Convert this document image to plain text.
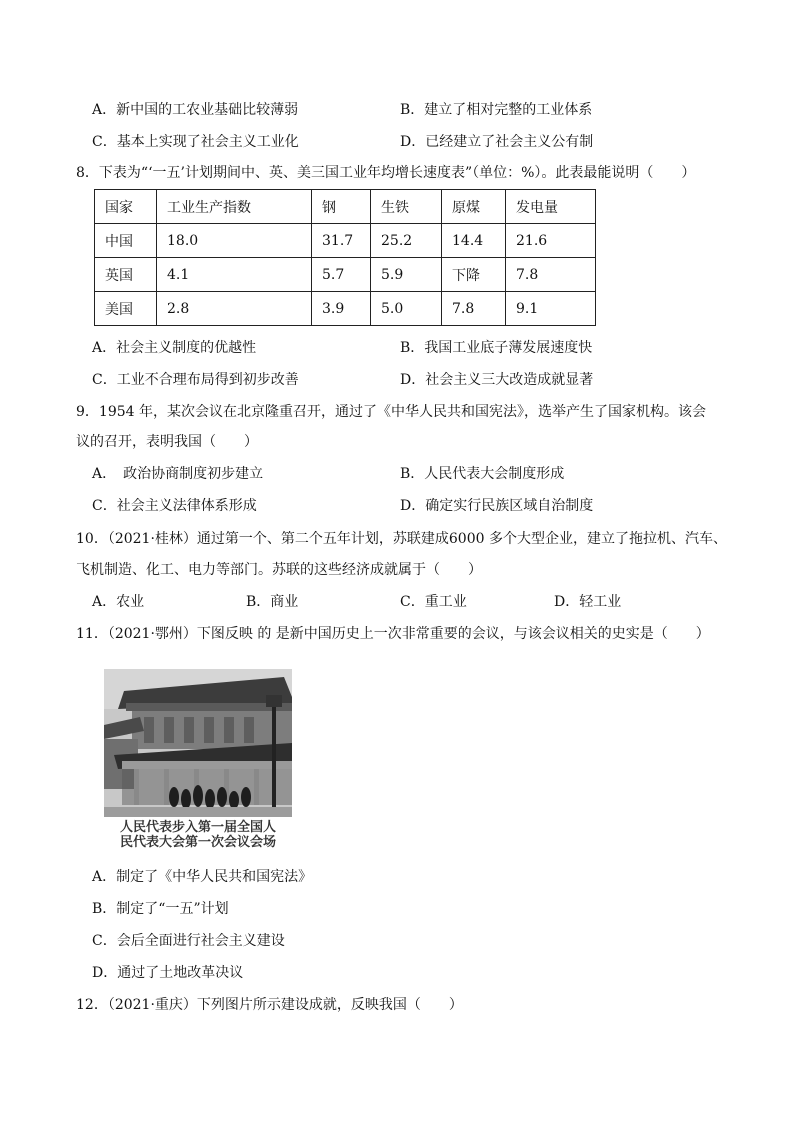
A．新中国的工农业基础比较薄弱	B．建立了相对完整的工业体系
C．基本上实现了社会主义工业化	D．已经建立了社会主义公有制
8．下表为“‘一五’计划期间中、英、美三国工业年均增长速度表”（单位：%）。此表最能说明（　　）
国家	工业生产指数	钢	生铁	原煤	发电量
中国	18.0	31.7	25.2	14.4	21.6
英国	4.1	5.7	5.9	下降	7.8
美国	2.8	3.9	5.0	7.8	9.1
A．社会主义制度的优越性	B．我国工业底子薄发展速度快
C．工业不合理布局得到初步改善	D．社会主义三大改造成就显著
9．1954 年，某次会议在北京隆重召开，通过了《中华人民共和国宪法》，选举产生了国家机构。该会
议的召开，表明我国（　　）
A．　政治协商制度初步建立	B．人民代表大会制度形成
C．社会主义法律体系形成	D．确定实行民族区域自治制度
10．（2021·桂林）通过第一个、第二个五年计划，苏联建成6000 多个大型企业，建立了拖拉机、汽车、
飞机制造、化工、电力等部门。苏联的这些经济成就属于（　　）
A．农业	B．商业	C．重工业	D．轻工业
11．（2021·鄂州）下图反映 的 是新中国历史上一次非常重要的会议，与该会议相关的史实是（　　）
人民代表步入第一届全国人
民代表大会第一次会议会场
A．制定了《中华人民共和国宪法》
B．制定了“一五”计划
C．会后全面进行社会主义建设
D．通过了土地改革决议
12．（2021·重庆）下列图片所示建设成就，反映我国（　　）
